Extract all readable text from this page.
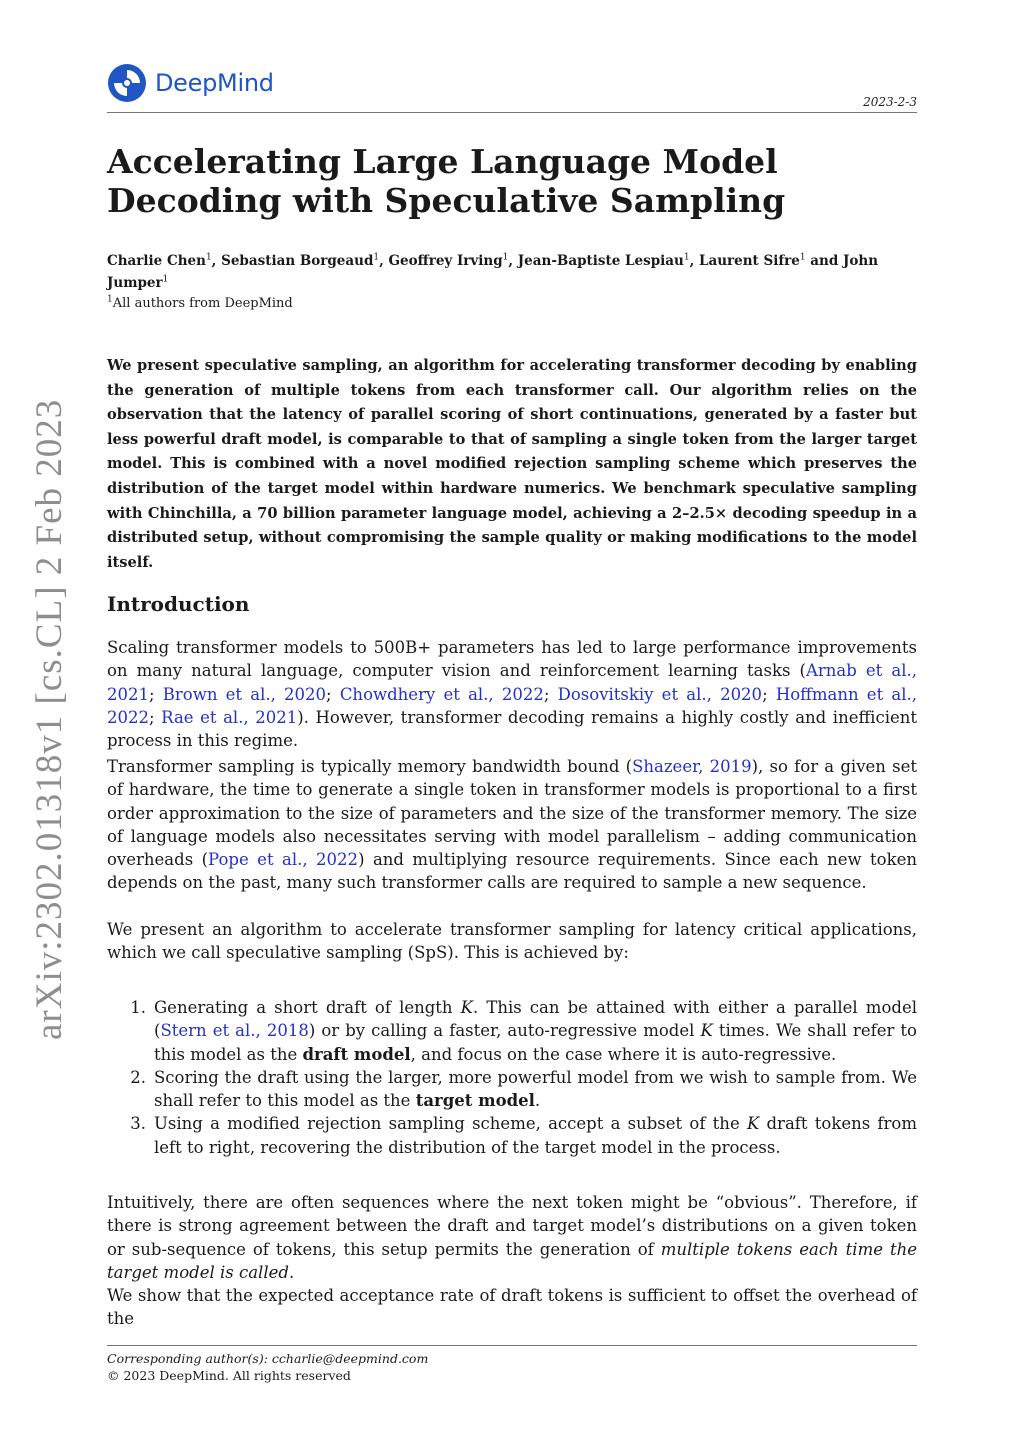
DeepMind
2023-2-3
Accelerating Large Language Model Decoding with Speculative Sampling

Charlie Chen$^1$, Sebastian Borgeaud$^1$, Geoffrey Irving$^1$, Jean-Baptiste Lespiau$^1$, Laurent Sifre$^1$ and John Jumper$^1$

$^1$All authors from DeepMind

We present speculative sampling, an algorithm for accelerating transformer decoding by enabling the generation of multiple tokens from each transformer call. Our algorithm relies on the observation that the latency of parallel scoring of short continuations, generated by a faster but less powerful draft model, is comparable to that of sampling a single token from the larger target model. This is combined with a novel modified rejection sampling scheme which preserves the distribution of the target model within hardware numerics. We benchmark speculative sampling with Chinchilla, a 70 billion parameter language model, achieving a 2–2.5× decoding speedup in a distributed setup, without compromising the sample quality or making modifications to the model itself.

Introduction

Scaling transformer models to 500B+ parameters has led to large performance improvements on many natural language, computer vision and reinforcement learning tasks (Arnab et al., 2021; Brown et al., 2020; Chowdhery et al., 2022; Dosovitskiy et al., 2020; Hoffmann et al., 2022; Rae et al., 2021). However, transformer decoding remains a highly costly and inefficient process in this regime.

Transformer sampling is typically memory bandwidth bound (Shazeer, 2019), so for a given set of hardware, the time to generate a single token in transformer models is proportional to a first order approximation to the size of parameters and the size of the transformer memory. The size of language models also necessitates serving with model parallelism – adding communication overheads (Pope et al., 2022) and multiplying resource requirements. Since each new token depends on the past, many such transformer calls are required to sample a new sequence.

We present an algorithm to accelerate transformer sampling for latency critical applications, which we call speculative sampling (SpS). This is achieved by:

1. Generating a short draft of length K. This can be attained with either a parallel model (Stern et al., 2018) or by calling a faster, auto-regressive model K times. We shall refer to this model as the draft model, and focus on the case where it is auto-regressive.
2. Scoring the draft using the larger, more powerful model from we wish to sample from. We shall refer to this model as the target model.
3. Using a modified rejection sampling scheme, accept a subset of the K draft tokens from left to right, recovering the distribution of the target model in the process.

Intuitively, there are often sequences where the next token might be “obvious”. Therefore, if there is strong agreement between the draft and target model’s distributions on a given token or sub-sequence of tokens, this setup permits the generation of multiple tokens each time the target model is called.

We show that the expected acceptance rate of draft tokens is sufficient to offset the overhead of the

arXiv:2302.01318v1 [cs.CL] 2 Feb 2023
Corresponding author(s): ccharlie@deepmind.com
© 2023 DeepMind. All rights reserved
